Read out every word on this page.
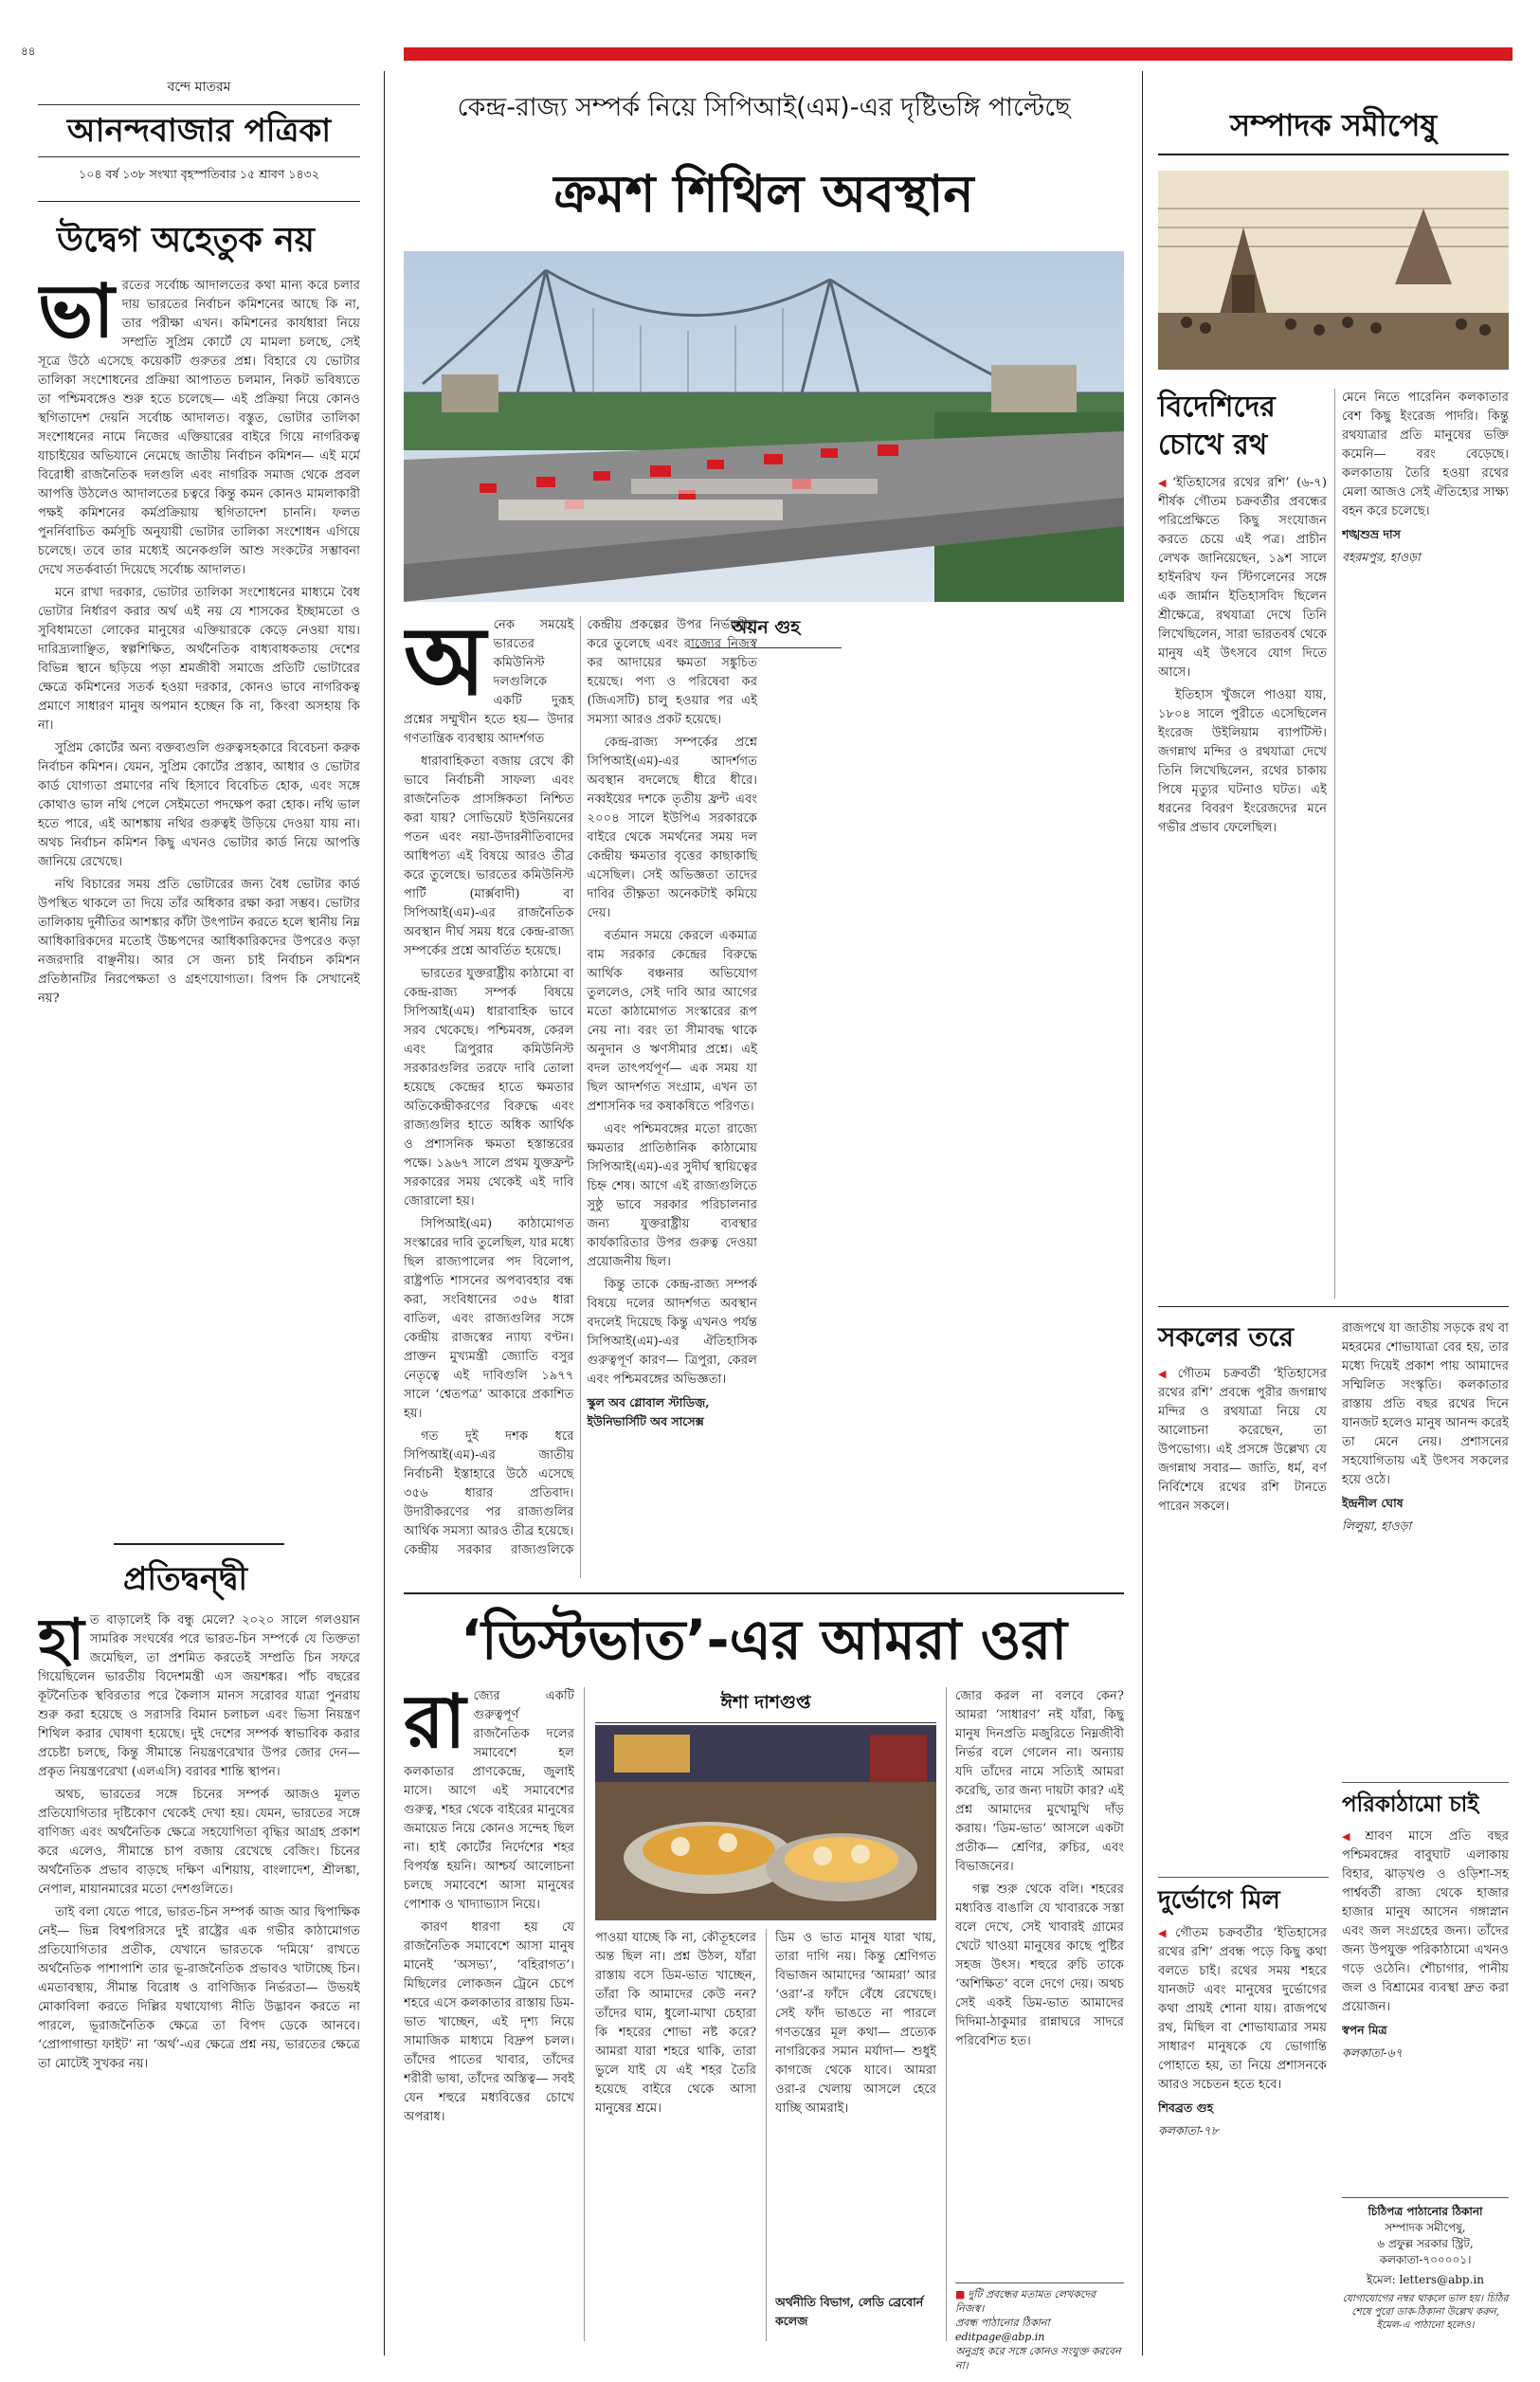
৪৪
বন্দে মাতরম
আনন্দবাজার পত্রিকা
১০৪ বর্ষ ১৩৮ সংখ্যা বৃহস্পতিবার ১৫ শ্রাবণ ১৪৩২
উদ্বেগ অহেতুক নয়
ভা রতের সর্বোচ্চ আদালতের কথা মান্য করে চলার দায় ভারতের নির্বাচন কমিশনের আছে কি না, তার পরীক্ষা এখন। কমিশনের কার্যধারা নিয়ে সম্প্রতি সুপ্রিম কোর্টে যে মামলা চলছে, সেই সূত্রে উঠে এসেছে কয়েকটি গুরুতর প্রশ্ন। বিহারে যে ভোটার তালিকা সংশোধনের প্রক্রিয়া আপাতত চলমান, নিকট ভবিষ্যতে তা পশ্চিমবঙ্গেও শুরু হতে চলেছে— এই প্রক্রিয়া নিয়ে কোনও স্থগিতাদেশ দেয়নি সর্বোচ্চ আদালত। বস্তুত, ভোটার তালিকা সংশোধনের নামে নিজের এক্তিয়ারের বাইরে গিয়ে নাগরিকত্ব যাচাইয়ের অভিযানে নেমেছে জাতীয় নির্বাচন কমিশন— এই মর্মে বিরোধী রাজনৈতিক দলগুলি এবং নাগরিক সমাজ থেকে প্রবল আপত্তি উঠলেও আদালতের চত্বরে কিন্তু কমন কোনও মামলাকারী পক্ষই কমিশনের কর্মপ্রক্রিয়ায় স্থগিতাদেশ চাননি। ফলত পুনর্নিবাচিত কর্মসূচি অনুযায়ী ভোটার তালিকা সংশোধন এগিয়ে চলেছে। তবে তার মধ্যেই অনেকগুলি আশু সংকটের সম্ভাবনা দেখে সতর্কবার্তা দিয়েছে সর্বোচ্চ আদালত।

মনে রাখা দরকার, ভোটার তালিকা সংশোধনের মাধ্যমে বৈধ ভোটার নির্ধারণ করার অর্থ এই নয় যে শাসকের ইচ্ছামতো ও সুবিধামতো লোকের মানুষের এক্তিয়ারকে কেড়ে নেওয়া যায়। দারিদ্র্যলাঞ্ছিত, স্বল্পশিক্ষিত, অর্থনৈতিক বাধ্যবাধকতায় দেশের বিভিন্ন স্থানে ছড়িয়ে পড়া শ্রমজীবী সমাজে প্রতিটি ভোটারের ক্ষেত্রে কমিশনের সতর্ক হওয়া দরকার, কোনও ভাবে নাগরিকত্ব প্রমাণে সাধারণ মানুষ অপমান হচ্ছেন কি না, কিংবা অসহায় কি না।

সুপ্রিম কোর্টের অন্য বক্তব্যগুলি গুরুত্বসহকারে বিবেচনা করুক নির্বাচন কমিশন। যেমন, সুপ্রিম কোর্টের প্রস্তাব, আধার ও ভোটার কার্ড যোগ্যতা প্রমাণের নথি হিসাবে বিবেচিত হোক, এবং সঙ্গে কোথাও ভাল নথি পেলে সেইমতো পদক্ষেপ করা হোক। নথি ভাল হতে পারে, এই আশঙ্কায় নথির গুরুত্বই উড়িয়ে দেওয়া যায় না। অথচ নির্বাচন কমিশন কিছু এখনও ভোটার কার্ড নিয়ে আপত্তি জানিয়ে রেখেছে।

নথি বিচারের সময় প্রতি ভোটারের জন্য বৈধ ভোটার কার্ড উপস্থিত থাকলে তা দিয়ে তাঁর অধিকার রক্ষা করা সম্ভব। ভোটার তালিকায় দুর্নীতির আশঙ্কার কাঁটা উৎপাটন করতে হলে স্থানীয় নিম্ন আধিকারিকদের মতোই উচ্চপদের আধিকারিকদের উপরেও কড়া নজরদারি বাঞ্ছনীয়। আর সে জন্য চাই নির্বাচন কমিশন প্রতিষ্ঠানটির নিরপেক্ষতা ও গ্রহণযোগ্যতা। বিপদ কি সেখানেই নয়?

প্রতিদ্বন্দ্বী
হা ত বাড়ালেই কি বন্ধু মেলে? ২০২০ সালে গলওয়ান সামরিক সংঘর্ষের পরে ভারত-চিন সম্পর্কে যে তিক্ততা জমেছিল, তা প্রশমিত করতেই সম্প্রতি চিন সফরে গিয়েছিলেন ভারতীয় বিদেশমন্ত্রী এস জয়শঙ্কর। পাঁচ বছরের কূটনৈতিক স্থবিরতার পরে কৈলাস মানস সরোবর যাত্রা পুনরায় শুরু করা হয়েছে ও সরাসরি বিমান চলাচল এবং ভিসা নিয়ন্ত্রণ শিথিল করার ঘোষণা হয়েছে। দুই দেশের সম্পর্ক স্বাভাবিক করার প্রচেষ্টা চলছে, কিন্তু সীমান্তে নিয়ন্ত্রণরেখার উপর জোর দেন— প্রকৃত নিয়ন্ত্রণরেখা (এলএসি) বরাবর শান্তি স্থাপন।

অথচ, ভারতের সঙ্গে চিনের সম্পর্ক আজও মূলত প্রতিযোগিতার দৃষ্টিকোণ থেকেই দেখা হয়। যেমন, ভারতের সঙ্গে বাণিজ্য এবং অর্থনৈতিক ক্ষেত্রে সহযোগিতা বৃদ্ধির আগ্রহ প্রকাশ করে এলেও, সীমান্তে চাপ বজায় রেখেছে বেজিং। চিনের অর্থনৈতিক প্রভাব বাড়ছে দক্ষিণ এশিয়ায়, বাংলাদেশ, শ্রীলঙ্কা, নেপাল, মায়ানমারের মতো দেশগুলিতে।

তাই বলা যেতে পারে, ভারত-চিন সম্পর্ক আজ আর দ্বিপাক্ষিক নেই— ভিন্ন বিশ্বপরিসরে দুই রাষ্ট্রের এক গভীর কাঠামোগত প্রতিযোগিতার প্রতীক, যেখানে ভারতকে ‘দমিয়ে’ রাখতে অর্থনৈতিক পাশাপাশি তার ভূ-রাজনৈতিক প্রভাবও খাটাচ্ছে চিন। এমতাবস্থায়, সীমান্ত বিরোধ ও বাণিজ্যিক নির্ভরতা— উভয়ই মোকাবিলা করতে দিল্লির যথাযোগ্য নীতি উদ্ভাবন করতে না পারলে, ভূরাজনৈতিক ক্ষেত্রে তা বিপদ ডেকে আনবে। ‘প্রোপাগান্ডা ফাইট’ না ‘অর্থ’-এর ক্ষেত্রে প্রশ্ন নয়, ভারতের ক্ষেত্রে তা মোটেই সুখকর নয়।

কেন্দ্র-রাজ্য সম্পর্ক নিয়ে সিপিআই(এম)-এর দৃষ্টিভঙ্গি পাল্টেছে
ক্রমশ শিথিল অবস্থান
অয়ন গুহ
অ নেক সময়েই ভারতের কমিউনিস্ট দলগুলিকে একটি দুরূহ প্রশ্নের সম্মুখীন হতে হয়— উদার গণতান্ত্রিক ব্যবস্থায় আদর্শগত

ধারাবাহিকতা বজায় রেখে কী ভাবে নির্বাচনী সাফল্য এবং রাজনৈতিক প্রাসঙ্গিকতা নিশ্চিত করা যায়? সোভিয়েট ইউনিয়নের পতন এবং নয়া-উদারনীতিবাদের আধিপত্য এই বিষয়ে আরও তীব্র করে তুলেছে। ভারতের কমিউনিস্ট পার্টি (মার্ক্সবাদী) বা সিপিআই(এম)-এর রাজনৈতিক অবস্থান দীর্ঘ সময় ধরে কেন্দ্র-রাজ্য সম্পর্কের প্রশ্নে আবর্তিত হয়েছে।

ভারতের যুক্তরাষ্ট্রীয় কাঠামো বা কেন্দ্র-রাজ্য সম্পর্ক বিষয়ে সিপিআই(এম) ধারাবাহিক ভাবে সরব থেকেছে। পশ্চিমবঙ্গ, কেরল এবং ত্রিপুরার কমিউনিস্ট সরকারগুলির তরফে দাবি তোলা হয়েছে কেন্দ্রের হাতে ক্ষমতার অতিকেন্দ্রীকরণের বিরুদ্ধে এবং রাজ্যগুলির হাতে অধিক আর্থিক ও প্রশাসনিক ক্ষমতা হস্তান্তরের পক্ষে। ১৯৬৭ সালে প্রথম যুক্তফ্রন্ট সরকারের সময় থেকেই এই দাবি জোরালো হয়।

সিপিআই(এম) কাঠামোগত সংস্কারের দাবি তুলেছিল, যার মধ্যে ছিল রাজ্যপালের পদ বিলোপ, রাষ্ট্রপতি শাসনের অপব্যবহার বন্ধ করা, সংবিধানের ৩৫৬ ধারা বাতিল, এবং রাজ্যগুলির সঙ্গে কেন্দ্রীয় রাজস্বের ন্যায্য বণ্টন। প্রাক্তন মুখ্যমন্ত্রী জ্যোতি বসুর নেতৃত্বে এই দাবিগুলি ১৯৭৭ সালে ‘শ্বেতপত্র’ আকারে প্রকাশিত হয়।

গত দুই দশক ধরে সিপিআই(এম)-এর জাতীয় নির্বাচনী ইস্তাহারে উঠে এসেছে ৩৫৬ ধারার প্রতিবাদ। উদারীকরণের পর রাজ্যগুলির আর্থিক সমস্যা আরও তীব্র হয়েছে। কেন্দ্রীয় সরকার রাজ্যগুলিকে কেন্দ্রীয় প্রকল্পের উপর নির্ভরশীল করে তুলেছে এবং রাজ্যের নিজস্ব কর আদায়ের ক্ষমতা সঙ্কুচিত হয়েছে। পণ্য ও পরিষেবা কর (জিএসটি) চালু হওয়ার পর এই সমস্যা আরও প্রকট হয়েছে।

কেন্দ্র-রাজ্য সম্পর্কের প্রশ্নে সিপিআই(এম)-এর আদর্শগত অবস্থান বদলেছে ধীরে ধীরে। নব্বইয়ের দশকে তৃতীয় ফ্রন্ট এবং ২০০৪ সালে ইউপিএ সরকারকে বাইরে থেকে সমর্থনের সময় দল কেন্দ্রীয় ক্ষমতার বৃত্তের কাছাকাছি এসেছিল। সেই অভিজ্ঞতা তাদের দাবির তীক্ষ্ণতা অনেকটাই কমিয়ে দেয়।

বর্তমান সময়ে কেরলে একমাত্র বাম সরকার কেন্দ্রের বিরুদ্ধে আর্থিক বঞ্চনার অভিযোগ তুললেও, সেই দাবি আর আগের মতো কাঠামোগত সংস্কারের রূপ নেয় না। বরং তা সীমাবদ্ধ থাকে অনুদান ও ঋণসীমার প্রশ্নে। এই বদল তাৎপর্যপূর্ণ— এক সময় যা ছিল আদর্শগত সংগ্রাম, এখন তা প্রশাসনিক দর কষাকষিতে পরিণত।

এবং পশ্চিমবঙ্গের মতো রাজ্যে ক্ষমতার প্রাতিষ্ঠানিক কাঠামোয় সিপিআই(এম)-এর সুদীর্ঘ স্থায়িত্বের চিহ্ন শেষ। আগে এই রাজ্যগুলিতে সুষ্ঠু ভাবে সরকার পরিচালনার জন্য যুক্তরাষ্ট্রীয় ব্যবস্থার কার্যকারিতার উপর গুরুত্ব দেওয়া প্রয়োজনীয় ছিল।

কিন্তু তাকে কেন্দ্র-রাজ্য সম্পর্ক বিষয়ে দলের আদর্শগত অবস্থান বদলেই দিয়েছে কিন্তু এখনও পর্যন্ত সিপিআই(এম)-এর ঐতিহাসিক গুরুত্বপূর্ণ কারণ— ত্রিপুরা, কেরল এবং পশ্চিমবঙ্গের অভিজ্ঞতা।

স্কুল অব গ্লোবাল স্টাডিজ়, ইউনিভার্সিটি অব সাসেক্স

‘ডিস্টভাত’-এর আমরা ওরা
রা জ্যের একটি গুরুত্বপূর্ণ রাজনৈতিক দলের সমাবেশে হল কলকাতার প্রাণকেন্দ্রে, জুলাই মাসে। আগে এই সমাবেশের গুরুত্ব, শহর থেকে বাইরের মানুষের জমায়েত নিয়ে কোনও সন্দেহ ছিল না। হাই কোর্টের নির্দেশের শহর বিপর্যস্ত হয়নি। আশ্চর্য আলোচনা চলছে সমাবেশে আসা মানুষের পোশাক ও খাদ্যাভ্যাস নিয়ে।

কারণ ধারণা হয় যে রাজনৈতিক সমাবেশে আসা মানুষ মানেই ‘অসভ্য’, ‘বহিরাগত’। মিছিলের লোকজন ট্রেনে চেপে শহরে এসে কলকাতার রাস্তায় ডিম-ভাত খাচ্ছেন, এই দৃশ্য নিয়ে সামাজিক মাধ্যমে বিদ্রুপ চলল। তাঁদের পাতের খাবার, তাঁদের শরীরী ভাষা, তাঁদের অস্তিত্ব— সবই যেন শহুরে মধ্যবিত্তের চোখে অপরাধ।

ঈশা দাশগুপ্ত

পাওয়া যাচ্ছে কি না, কৌতূহলের অন্ত ছিল না। প্রশ্ন উঠল, যাঁরা রাস্তায় বসে ডিম-ভাত খাচ্ছেন, তাঁরা কি আমাদের কেউ নন? তাঁদের ঘাম, ধুলো-মাখা চেহারা কি শহরের শোভা নষ্ট করে? আমরা যারা শহরে থাকি, তারা ভুলে যাই যে এই শহর তৈরি হয়েছে বাইরে থেকে আসা মানুষের শ্রমে।

ডিম ও ভাত মানুষ যারা খায়, তারা দাগি নয়। কিন্তু শ্রেণিগত বিভাজন আমাদের ‘আমরা’ আর ‘ওরা’-র ফাঁদে বেঁধে রেখেছে। সেই ফাঁদ ভাঙতে না পারলে গণতন্ত্রের মূল কথা— প্রত্যেক নাগরিকের সমান মর্যাদা— শুধুই কাগজে থেকে যাবে। আমরা ওরা-র খেলায় আসলে হেরে যাচ্ছি আমরাই।

অর্থনীতি বিভাগ, লেডি ব্রেবোর্ন কলেজ

জোর করল না বলবে কেন? আমরা ‘সাধারণ’ নই যাঁরা, কিছু মানুষ দিনপ্রতি মজুরিতে নিম্নজীবী নির্ভর বলে গেলেন না। অন্যায় যদি তাঁদের নামে সত্যিই আমরা করেছি, তার জন্য দায়টা কার? এই প্রশ্ন আমাদের মুখোমুখি দাঁড় করায়। ‘ডিম-ভাত’ আসলে একটা প্রতীক— শ্রেণির, রুচির, এবং বিভাজনের।

গল্প শুরু থেকে বলি। শহরের মধ্যবিত্ত বাঙালি যে খাবারকে সস্তা বলে দেখে, সেই খাবারই গ্রামের খেটে খাওয়া মানুষের কাছে পুষ্টির সহজ উৎস। শহুরে রুচি তাকে ‘অশিক্ষিত’ বলে দেগে দেয়। অথচ সেই একই ডিম-ভাত আমাদের দিদিমা-ঠাকুমার রান্নাঘরে সাদরে পরিবেশিত হত।

■ দুটি প্রবন্ধের মতামত লেখকদের নিজস্ব।
প্রবন্ধ পাঠানোর ঠিকানা editpage@abp.in
অনুগ্রহ করে সঙ্গে কোনও সংযুক্ত করবেন না।
সম্পাদক সমীপেষু
বিদেশিদের চোখে রথ

◀ ‘ইতিহাসের রথের রশি’ (৬-৭) শীর্ষক গৌতম চক্রবর্তীর প্রবন্ধের পরিপ্রেক্ষিতে কিছু সংযোজন করতে চেয়ে এই পত্র। প্রাচীন লেখক জানিয়েছেন, ১৯শ সালে হাইনরিখ ফন স্টিগলেনের সঙ্গে এক জার্মান ইতিহাসবিদ ছিলেন শ্রীক্ষেত্রে, রথযাত্রা দেখে তিনি লিখেছিলেন, সারা ভারতবর্ষ থেকে মানুষ এই উৎসবে যোগ দিতে আসে।

ইতিহাস খুঁজলে পাওয়া যায়, ১৮০৪ সালে পুরীতে এসেছিলেন ইংরেজ উইলিয়াম ব্যাপটিস্ট। জগন্নাথ মন্দির ও রথযাত্রা দেখে তিনি লিখেছিলেন, রথের চাকায় পিষে মৃত্যুর ঘটনাও ঘটত। এই ধরনের বিবরণ ইংরেজদের মনে গভীর প্রভাব ফেলেছিল।

মেনে নিতে পারেনিন কলকাতার বেশ কিছু ইংরেজ পাদরি। কিন্তু রথযাত্রার প্রতি মানুষের ভক্তি কমেনি— বরং বেড়েছে। কলকাতায় তৈরি হওয়া রথের মেলা আজও সেই ঐতিহ্যের সাক্ষ্য বহন করে চলেছে।

শঙ্খশুভ্র দাস

বহরমপুর, হাওড়া

সকলের তরে

◀ গৌতম চক্রবর্তী ‘ইতিহাসের রথের রশি’ প্রবন্ধে পুরীর জগন্নাথ মন্দির ও রথযাত্রা নিয়ে যে আলোচনা করেছেন, তা উপভোগ্য। এই প্রসঙ্গে উল্লেখ্য যে জগন্নাথ সবার— জাতি, ধর্ম, বর্ণ নির্বিশেষে রথের রশি টানতে পারেন সকলে।

রাজপথে যা জাতীয় সড়কে রথ বা মহরমের শোভাযাত্রা বের হয়, তার মধ্যে দিয়েই প্রকাশ পায় আমাদের সম্মিলিত সংস্কৃতি। কলকাতার রাস্তায় প্রতি বছর রথের দিনে যানজট হলেও মানুষ আনন্দ করেই তা মেনে নেয়। প্রশাসনের সহযোগিতায় এই উৎসব সকলের হয়ে ওঠে।

ইন্দ্রনীল ঘোষ

লিলুয়া, হাওড়া

দুর্ভোগে মিল

◀ গৌতম চক্রবর্তীর ‘ইতিহাসের রথের রশি’ প্রবন্ধ পড়ে কিছু কথা বলতে চাই। রথের সময় শহরে যানজট এবং মানুষের দুর্ভোগের কথা প্রায়ই শোনা যায়। রাজপথে রথ, মিছিল বা শোভাযাত্রার সময় সাধারণ মানুষকে যে ভোগান্তি পোহাতে হয়, তা নিয়ে প্রশাসনকে আরও সচেতন হতে হবে।

শিবব্রত গুহ

কলকাতা-৭৮

পরিকাঠামো চাই

◀ শ্রাবণ মাসে প্রতি বছর পশ্চিমবঙ্গের বাবুঘাট এলাকায় বিহার, ঝাড়খণ্ড ও ওড়িশা-সহ পার্শ্ববর্তী রাজ্য থেকে হাজার হাজার মানুষ আসেন গঙ্গাস্নান এবং জল সংগ্রহের জন্য। তাঁদের জন্য উপযুক্ত পরিকাঠামো এখনও গড়ে ওঠেনি। শৌচাগার, পানীয় জল ও বিশ্রামের ব্যবস্থা দ্রুত করা প্রয়োজন।

স্বপন মিত্র

কলকাতা-৬৭

চিঠিপত্র পাঠানোর ঠিকানা
সম্পাদক সমীপেষু,
৬ প্রফুল্ল সরকার স্ট্রিট,
কলকাতা-৭০০০০১।
ইমেল: letters@abp.in
যোগাযোগের নম্বর থাকলে ভাল হয়। চিঠির শেষে পুরো ডাক-ঠিকানা উল্লেখ করুন, ইমেল-এ পাঠানো হলেও।
